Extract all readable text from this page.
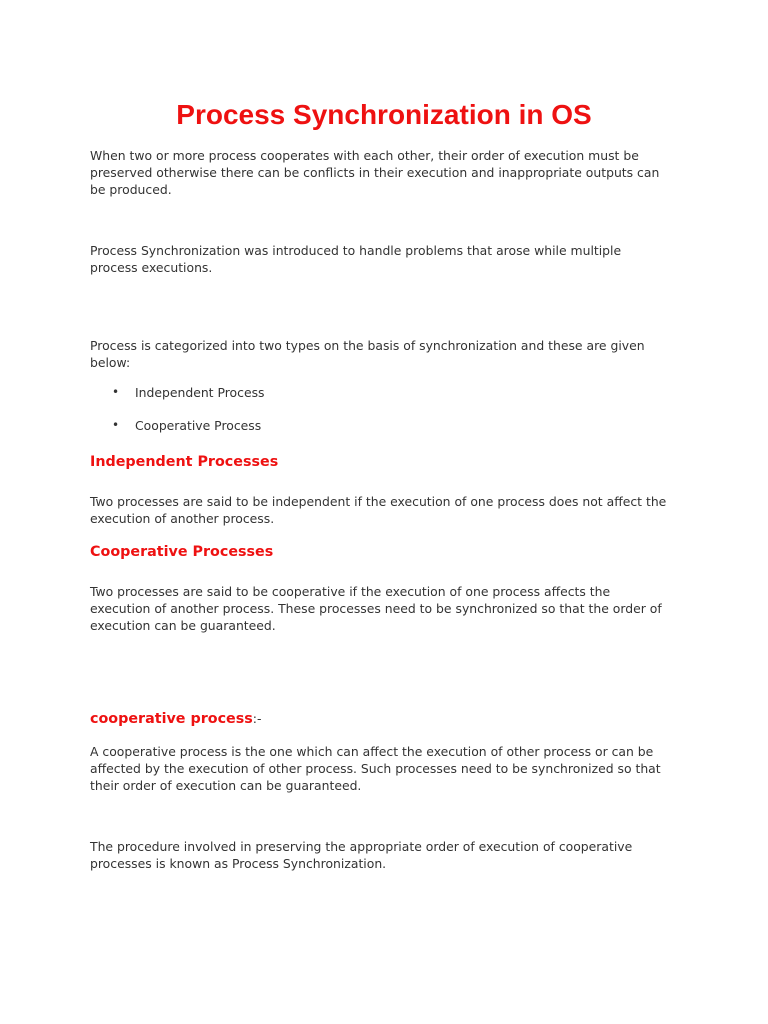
Process Synchronization in OS

When two or more process cooperates with each other, their order of execution must be
preserved otherwise there can be conflicts in their execution and inappropriate outputs can
be produced.

Process Synchronization was introduced to handle problems that arose while multiple
process executions.

Process is categorized into two types on the basis of synchronization and these are given
below:

• Independent Process
• Cooperative Process
Independent Processes

Two processes are said to be independent if the execution of one process does not affect the
execution of another process.

Cooperative Processes

Two processes are said to be cooperative if the execution of one process affects the
execution of another process. These processes need to be synchronized so that the order of
execution can be guaranteed.

cooperative process:-

A cooperative process is the one which can affect the execution of other process or can be
affected by the execution of other process. Such processes need to be synchronized so that
their order of execution can be guaranteed.

The procedure involved in preserving the appropriate order of execution of cooperative
processes is known as Process Synchronization.
